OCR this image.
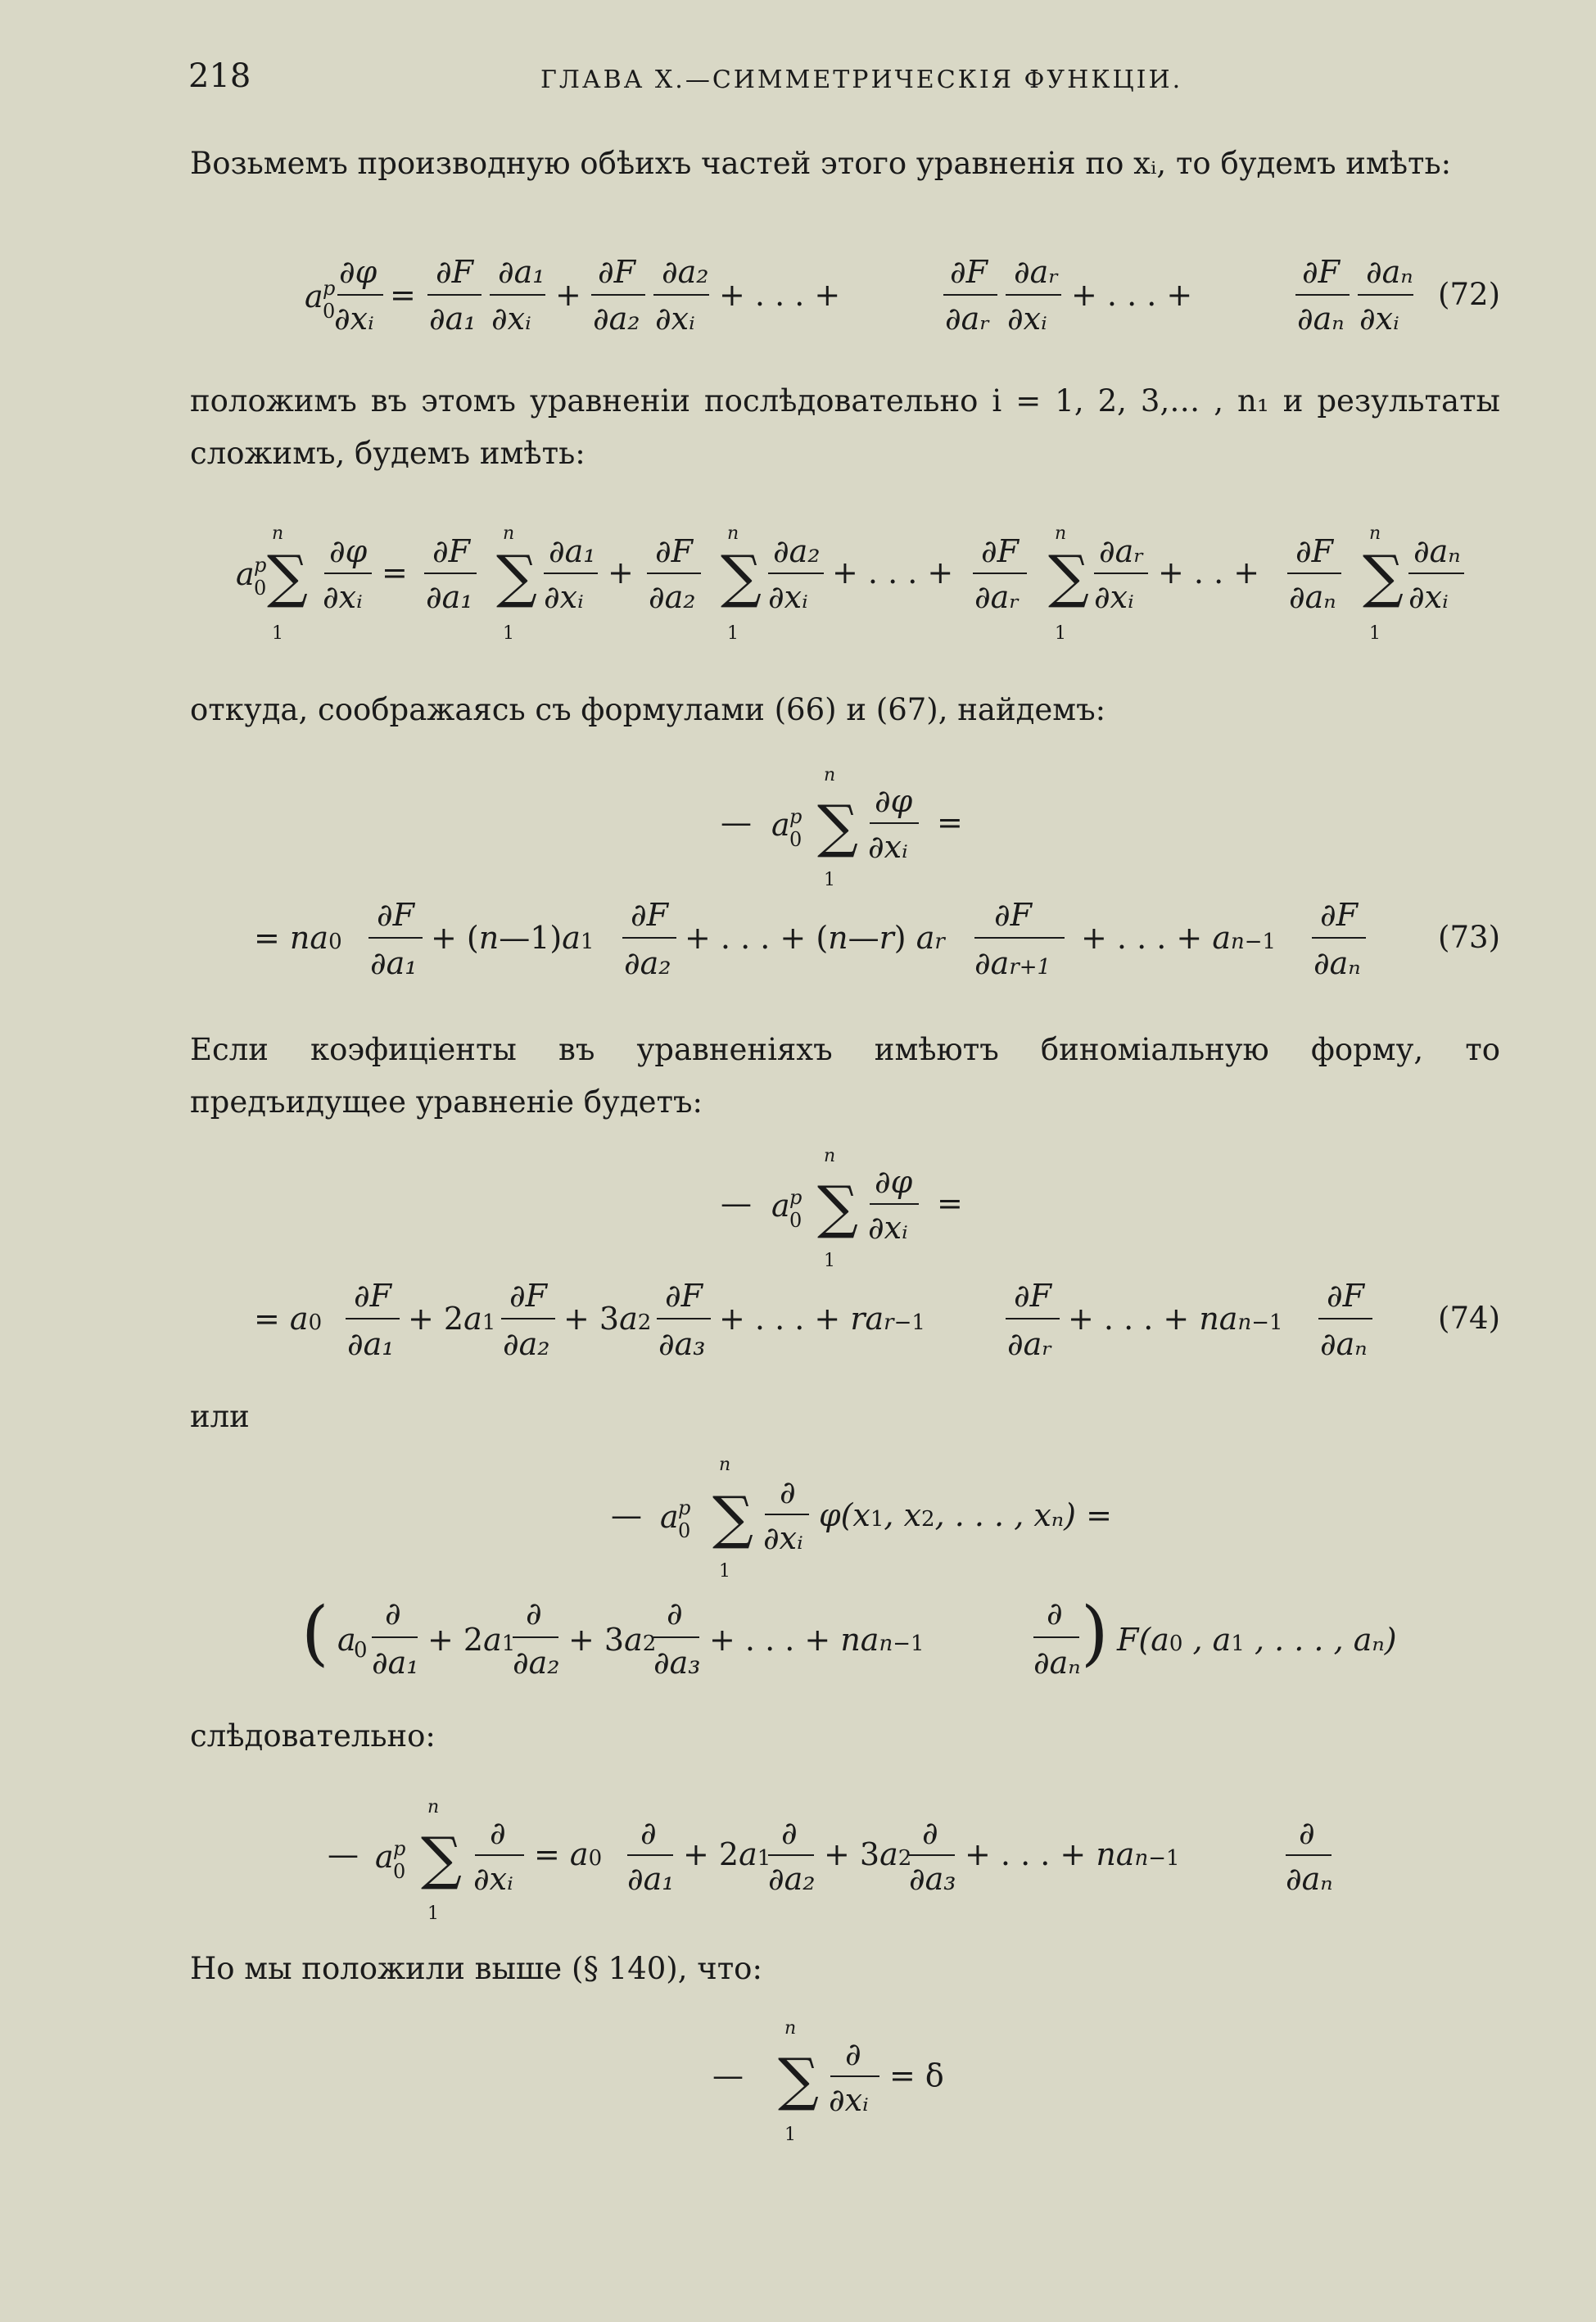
218	ГЛАВА X.—СИММЕТРИЧЕСКІЯ ФУНКЦІИ.
Возьмемъ производную обѣихъ частей этого уравненія по xᵢ, то будемъ имѣть:
a p
0
∂φ
∂xᵢ
=
∂F
∂a₁
∂a₁
∂xᵢ
+
∂F
∂a₂
∂a₂
∂xᵢ
+ . . . +
∂F
∂aᵣ
∂aᵣ
∂xᵢ
+ . . . +
∂F
∂aₙ
∂aₙ
∂xᵢ
(72)
положимъ въ этомъ уравненіи послѣдовательно i = 1, 2, 3,… , n₁ и результаты сложимъ, будемъ имѣть:
a p
0
n
∑
1
∂φ
∂xᵢ
=
∂F
∂a₁
n
∑
1
∂a₁
∂xᵢ
+
∂F
∂a₂
n
∑
1
∂a₂
∂xᵢ
+ . . . +
∂F
∂aᵣ
n
∑
1
∂aᵣ
∂xᵢ
+ . . +
∂F
∂aₙ
n
∑
1
∂aₙ
∂xᵢ
откуда, соображаясь съ формулами (66) и (67), найдемъ:
— a p
0
n
∑
1
∂φ
∂xᵢ
=
= na0
∂F
∂a₁
+ (n—1)a1
∂F
∂a₂
+ . . . + (n—r) ar
∂F
∂ar+1
+ . . . + an−1
∂F
∂aₙ
(73)
Если коэфиціенты въ уравненіяхъ имѣютъ биноміальную форму, то предъидущее уравненіе будетъ:
— a p
0
n
∑
1
∂φ
∂xᵢ
=
= a0
∂F
∂a₁
+ 2a1
∂F
∂a₂
+ 3a2
∂F
∂a₃
+ . . . + rar−1
∂F
∂aᵣ
+ . . . + nan−1
∂F
∂aₙ
(74)
или
— a p
0
n
∑
1
∂
∂xᵢ
φ(x1, x2, . . . , xₙ) =
( a
0
∂
∂a₁
+ 2a1
∂
∂a₂
+ 3a2
∂
∂a₃
+ . . . + nan−1
∂
∂aₙ ) F(a0 , a1 , . . . , aₙ)
слѣдовательно:
— a p
0
n
∑
1
∂
∂xᵢ
= a0
∂
∂a₁
+ 2a1
∂
∂a₂
+ 3a2
∂
∂a₃
+ . . . + nan−1
∂
∂aₙ
Но мы положили выше (§ 140), что:
—
n
∑
1
∂
∂xᵢ
= δ
